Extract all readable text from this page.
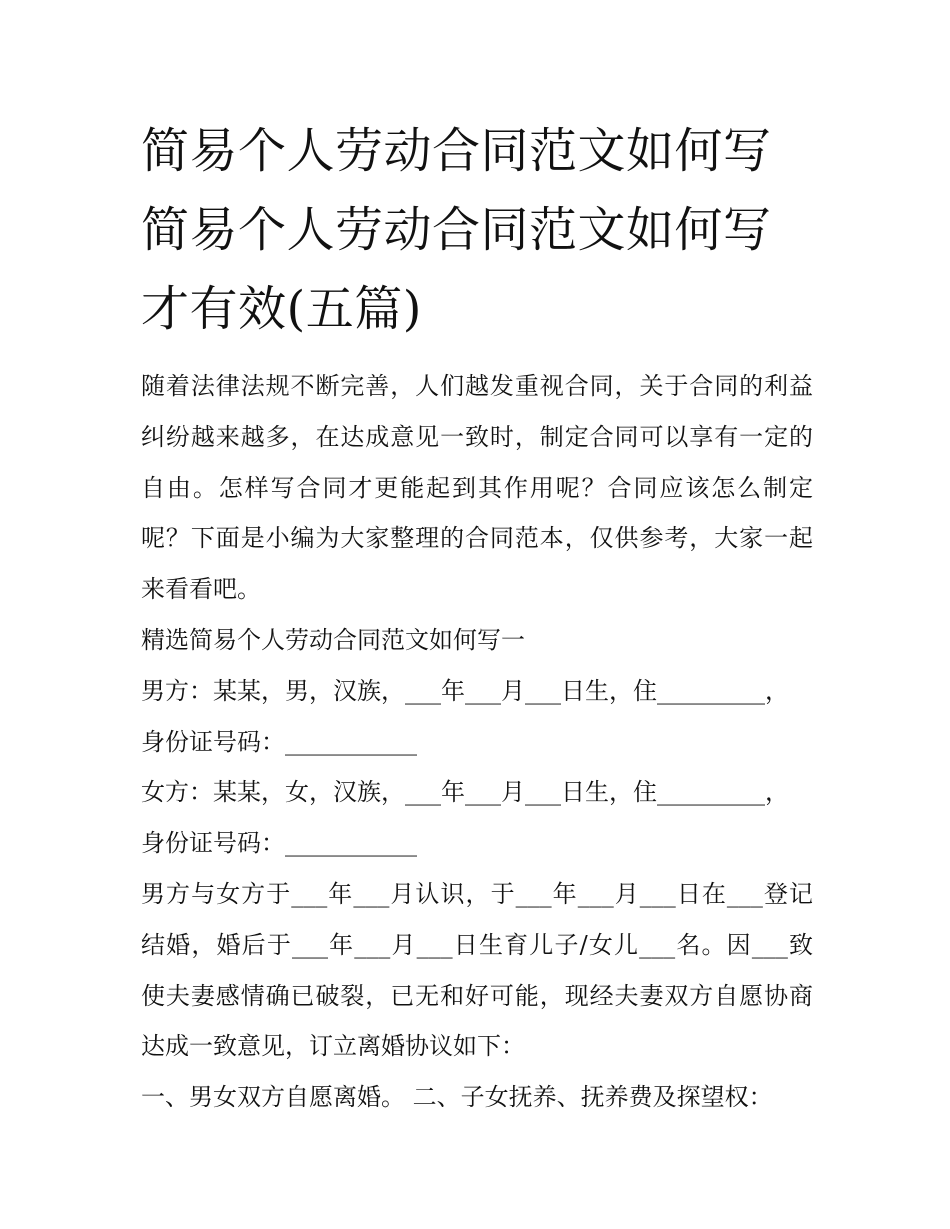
简易个人劳动合同范文如何写
简易个人劳动合同范文如何写
才有效(五篇)

随着法律法规不断完善，人们越发重视合同，关于合同的利益
纠纷越来越多，在达成意见一致时，制定合同可以享有一定的
自由。怎样写合同才更能起到其作用呢？合同应该怎么制定
呢？下面是小编为大家整理的合同范本，仅供参考，大家一起
来看看吧。

精选简易个人劳动合同范文如何写一

男方：某某，男，汉族，___年___月___日生，住_________，
身份证号码：___________

女方：某某，女，汉族，___年___月___日生，住_________，
身份证号码：___________

男方与女方于___年___月认识，于___年___月___日在___登记
结婚，婚后于___年___月___日生育儿子/女儿___名。因___致
使夫妻感情确已破裂，已无和好可能，现经夫妻双方自愿协商
达成一致意见，订立离婚协议如下：

一、男女双方自愿离婚。 二、子女抚养、抚养费及探望权：
